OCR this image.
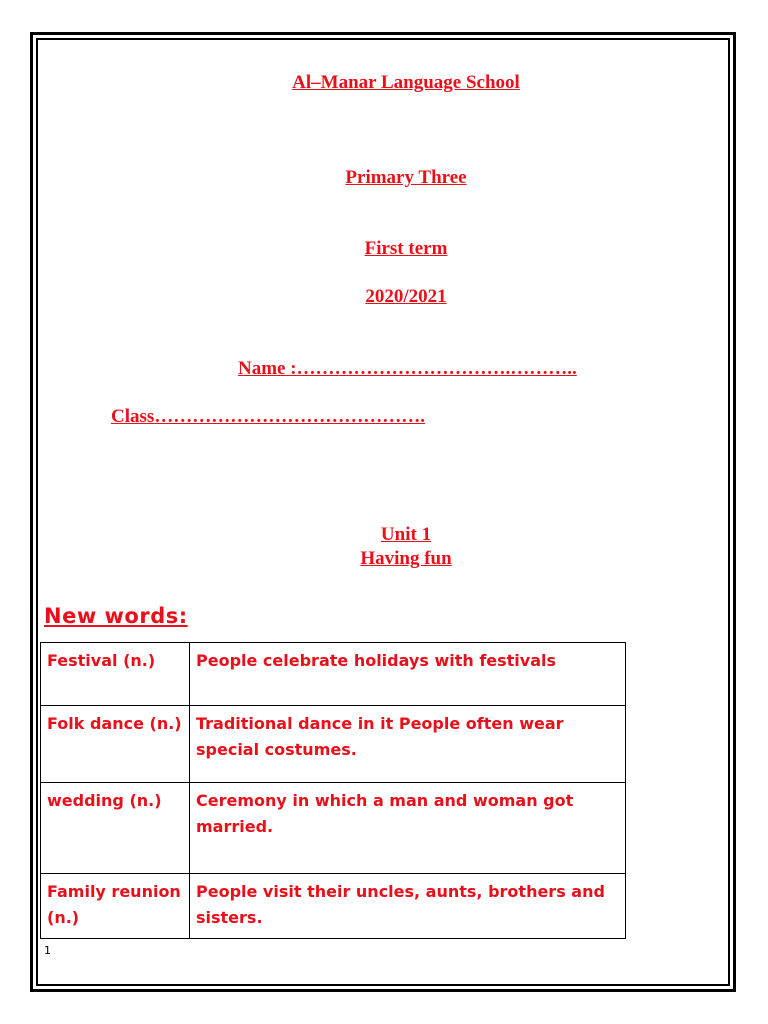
Al–Manar Language School
Primary Three
First term
2020/2021
Name :…………………………….………..
Class…………………………………….
Unit 1
Having fun
New words:
Festival (n.)	People celebrate holidays with festivals
Folk dance (n.)	Traditional dance in it People often wear special costumes.
wedding (n.)	Ceremony in which a man and woman got married.
Family reunion (n.)	People visit their uncles, aunts, brothers and sisters.
1
